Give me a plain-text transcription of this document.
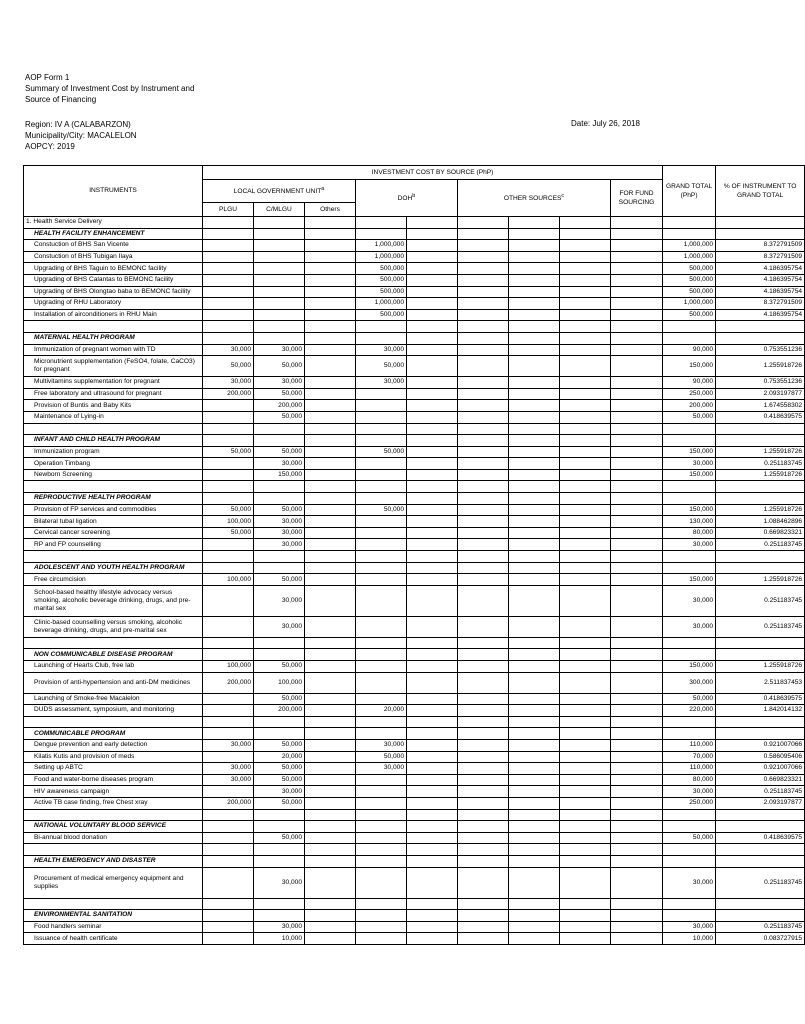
AOP Form 1
Summary of Investment Cost by Instrument and
Source of Financing
Region: IV A (CALABARZON)
Municipality/City: MACALELON
AOPCY: 2019
Date: July 26, 2018
INSTRUMENTS	INVESTMENT COST BY SOURCE (PhP)									GRAND TOTAL (PhP)	% OF INSTRUMENT TO GRAND TOTAL
	LOCAL GOVERNMENT UNIT$^a$			DOH$^b$		OTHER SOURCES$^c$			FOR FUND SOURCING		
	PLGU	C/MLGU	Others								
1. Health Service Delivery											
HEALTH FACILITY ENHANCEMENT											
Constuction of BHS San Vicente				1,000,000						1,000,000	8.372791509
Constuction of BHS Tubigan Ilaya				1,000,000						1,000,000	8.372791509
Upgrading of BHS Taguin to BEMONC facility				500,000						500,000	4.186395754
Upgrading of BHS Calantas to BEMONC facility				500,000						500,000	4.186395754
Upgrading of BHS Olongtao baba to BEMONC facility				500,000						500,000	4.186395754
Upgrading of RHU Laboratory				1,000,000						1,000,000	8.372791509
Installation of airconditioners in RHU Main				500,000						500,000	4.186395754

MATERNAL HEALTH PROGRAM											
Immunization of pregnant women with TD	30,000	30,000		30,000						90,000	0.753551236
Micronutrient supplementation (FeSO4, folate, CaCO3) for pregnant	50,000	50,000		50,000						150,000	1.255918726
Multivitamins supplementation for pregnant	30,000	30,000		30,000						90,000	0.753551236
Free laboratory and ultrasound for pregnant	200,000	50,000								250,000	2.093197877
Provision of Buntis and Baby Kits		200,000								200,000	1.674558302
Maintenance of Lying-in		50,000								50,000	0.418639575

INFANT AND CHILD HEALTH PROGRAM											
Immunization program	50,000	50,000		50,000						150,000	1.255918726
Operation Timbang		30,000								30,000	0.251183745
Newborn Screening		150,000								150,000	1.255918726

REPRODUCTIVE HEALTH PROGRAM											
Provision of FP services and commodities	50,000	50,000		50,000						150,000	1.255918726
Bilateral tubal ligation	100,000	30,000								130,000	1.088462896
Cervical cancer screening	50,000	30,000								80,000	0.669823321
RP and FP counselling		30,000								30,000	0.251183745

ADOLESCENT AND YOUTH HEALTH PROGRAM											
Free circumcision	100,000	50,000								150,000	1.255918726
School-based healthy lifestyle advocacy versus smoking, alcoholic beverage drinking, drugs, and pre-marital sex		30,000								30,000	0.251183745
Clinic-based counselling versus smoking, alcoholic beverage drinking, drugs, and pre-marital sex		30,000								30,000	0.251183745

NON COMMUNICABLE DISEASE PROGRAM											
Launching of Hearts Club, free lab	100,000	50,000								150,000	1.255918726
Provision of anti-hypertension and anti-DM medicines	200,000	100,000								300,000	2.511837453
Launching of Smoke-free Macalelon		50,000								50,000	0.418639575
DUDS assessment, symposium, and monitoring		200,000		20,000						220,000	1.842014132

COMMUNICABLE PROGRAM											
Dengue prevention and early detection	30,000	50,000		30,000						110,000	0.921007066
Kilatis Kutis and provision of meds		20,000		50,000						70,000	0.586095406
Setting up ABTC	30,000	50,000		30,000						110,000	0.921007066
Food and water-borne diseases program	30,000	50,000								80,000	0.669823321
HIV awareness campaign		30,000								30,000	0.251183745
Active TB case finding, free Chest xray	200,000	50,000								250,000	2.093197877

NATIONAL VOLUNTARY BLOOD SERVICE											
Bi-annual blood donation		50,000								50,000	0.418639575

HEALTH EMERGENCY AND DISASTER											
Procurement of medical emergency equipment and supplies		30,000								30,000	0.251183745

ENVIRONMENTAL SANITATION											
Food handlers seminar		30,000								30,000	0.251183745
Issuance of health certificate		10,000								10,000	0.083727915
